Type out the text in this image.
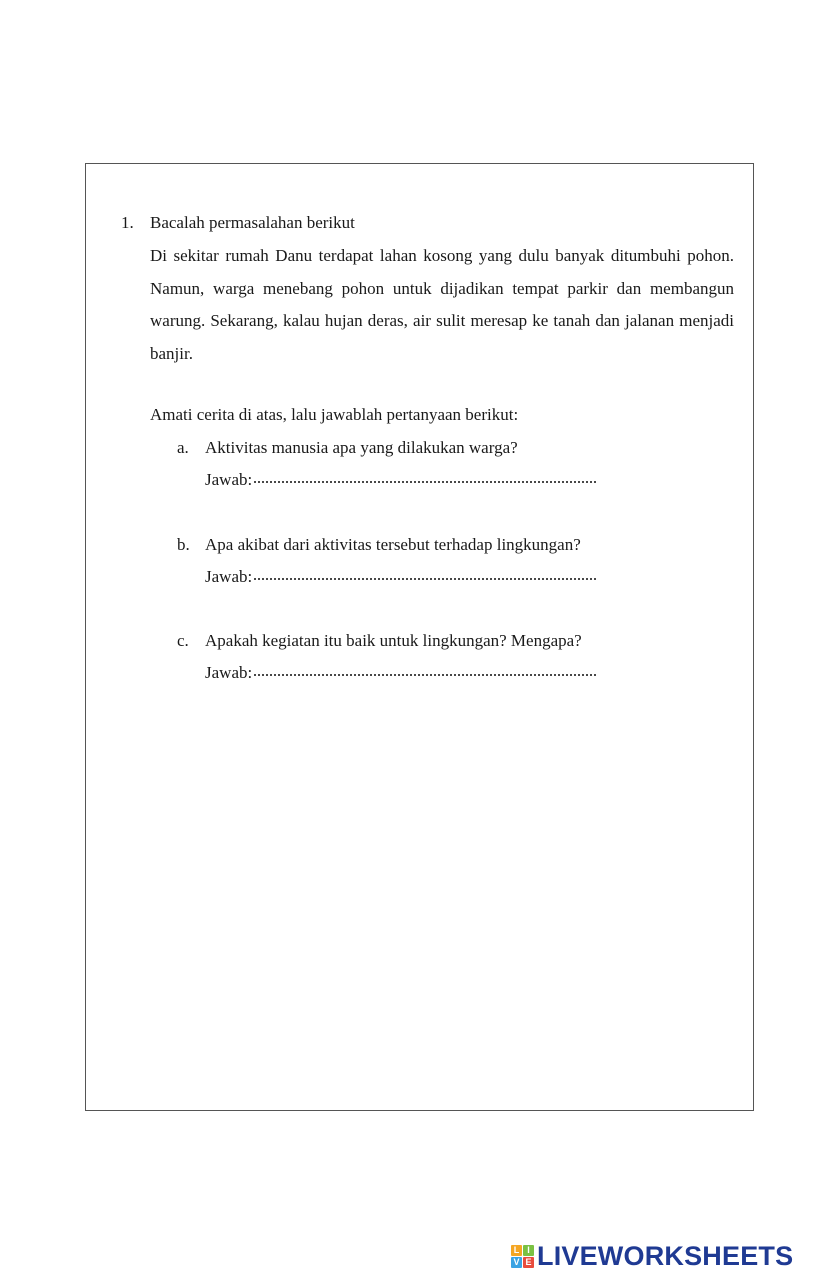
1. Bacalah permasalahan berikut

Di sekitar rumah Danu terdapat lahan kosong yang dulu banyak ditumbuhi pohon. Namun, warga menebang pohon untuk dijadikan tempat parkir dan membangun warung. Sekarang, kalau hujan deras, air sulit meresap ke tanah dan jalanan menjadi banjir.

Amati cerita di atas, lalu jawablah pertanyaan berikut:
a. Aktivitas manusia apa yang dilakukan warga?
Jawab:
b. Apa akibat dari aktivitas tersebut terhadap lingkungan?
Jawab:
c. Apakah kegiatan itu baik untuk lingkungan? Mengapa?
Jawab:
L I
V E LIVEWORKSHEETS
